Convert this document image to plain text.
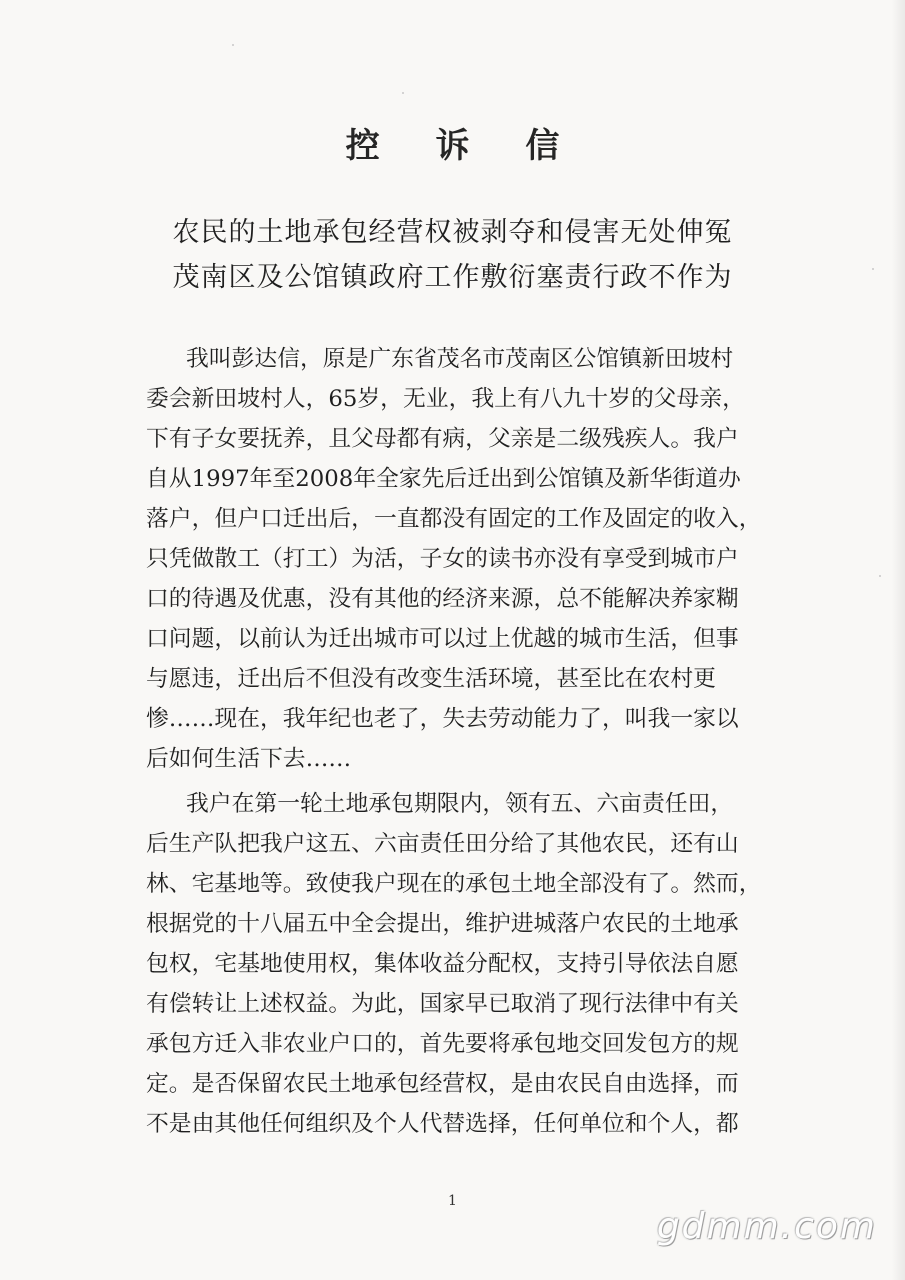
控 诉 信
农民的土地承包经营权被剥夺和侵害无处伸冤
茂南区及公馆镇政府工作敷衍塞责行政不作为
我叫彭达信，原是广东省茂名市茂南区公馆镇新田坡村
委会新田坡村人，65岁，无业，我上有八九十岁的父母亲，
下有子女要抚养，且父母都有病，父亲是二级残疾人。我户
自从1997年至2008年全家先后迁出到公馆镇及新华街道办
落户，但户口迁出后，一直都没有固定的工作及固定的收入，
只凭做散工（打工）为活，子女的读书亦没有享受到城市户
口的待遇及优惠，没有其他的经济来源，总不能解决养家糊
口问题，以前认为迁出城市可以过上优越的城市生活，但事
与愿违，迁出后不但没有改变生活环境，甚至比在农村更
惨……现在，我年纪也老了，失去劳动能力了，叫我一家以
后如何生活下去……
我户在第一轮土地承包期限内，领有五、六亩责任田，
后生产队把我户这五、六亩责任田分给了其他农民，还有山
林、宅基地等。致使我户现在的承包土地全部没有了。然而，
根据党的十八届五中全会提出，维护进城落户农民的土地承
包权，宅基地使用权，集体收益分配权，支持引导依法自愿
有偿转让上述权益。为此，国家早已取消了现行法律中有关
承包方迁入非农业户口的，首先要将承包地交回发包方的规
定。是否保留农民土地承包经营权，是由农民自由选择，而
不是由其他任何组织及个人代替选择，任何单位和个人，都
1
gdmm.com
